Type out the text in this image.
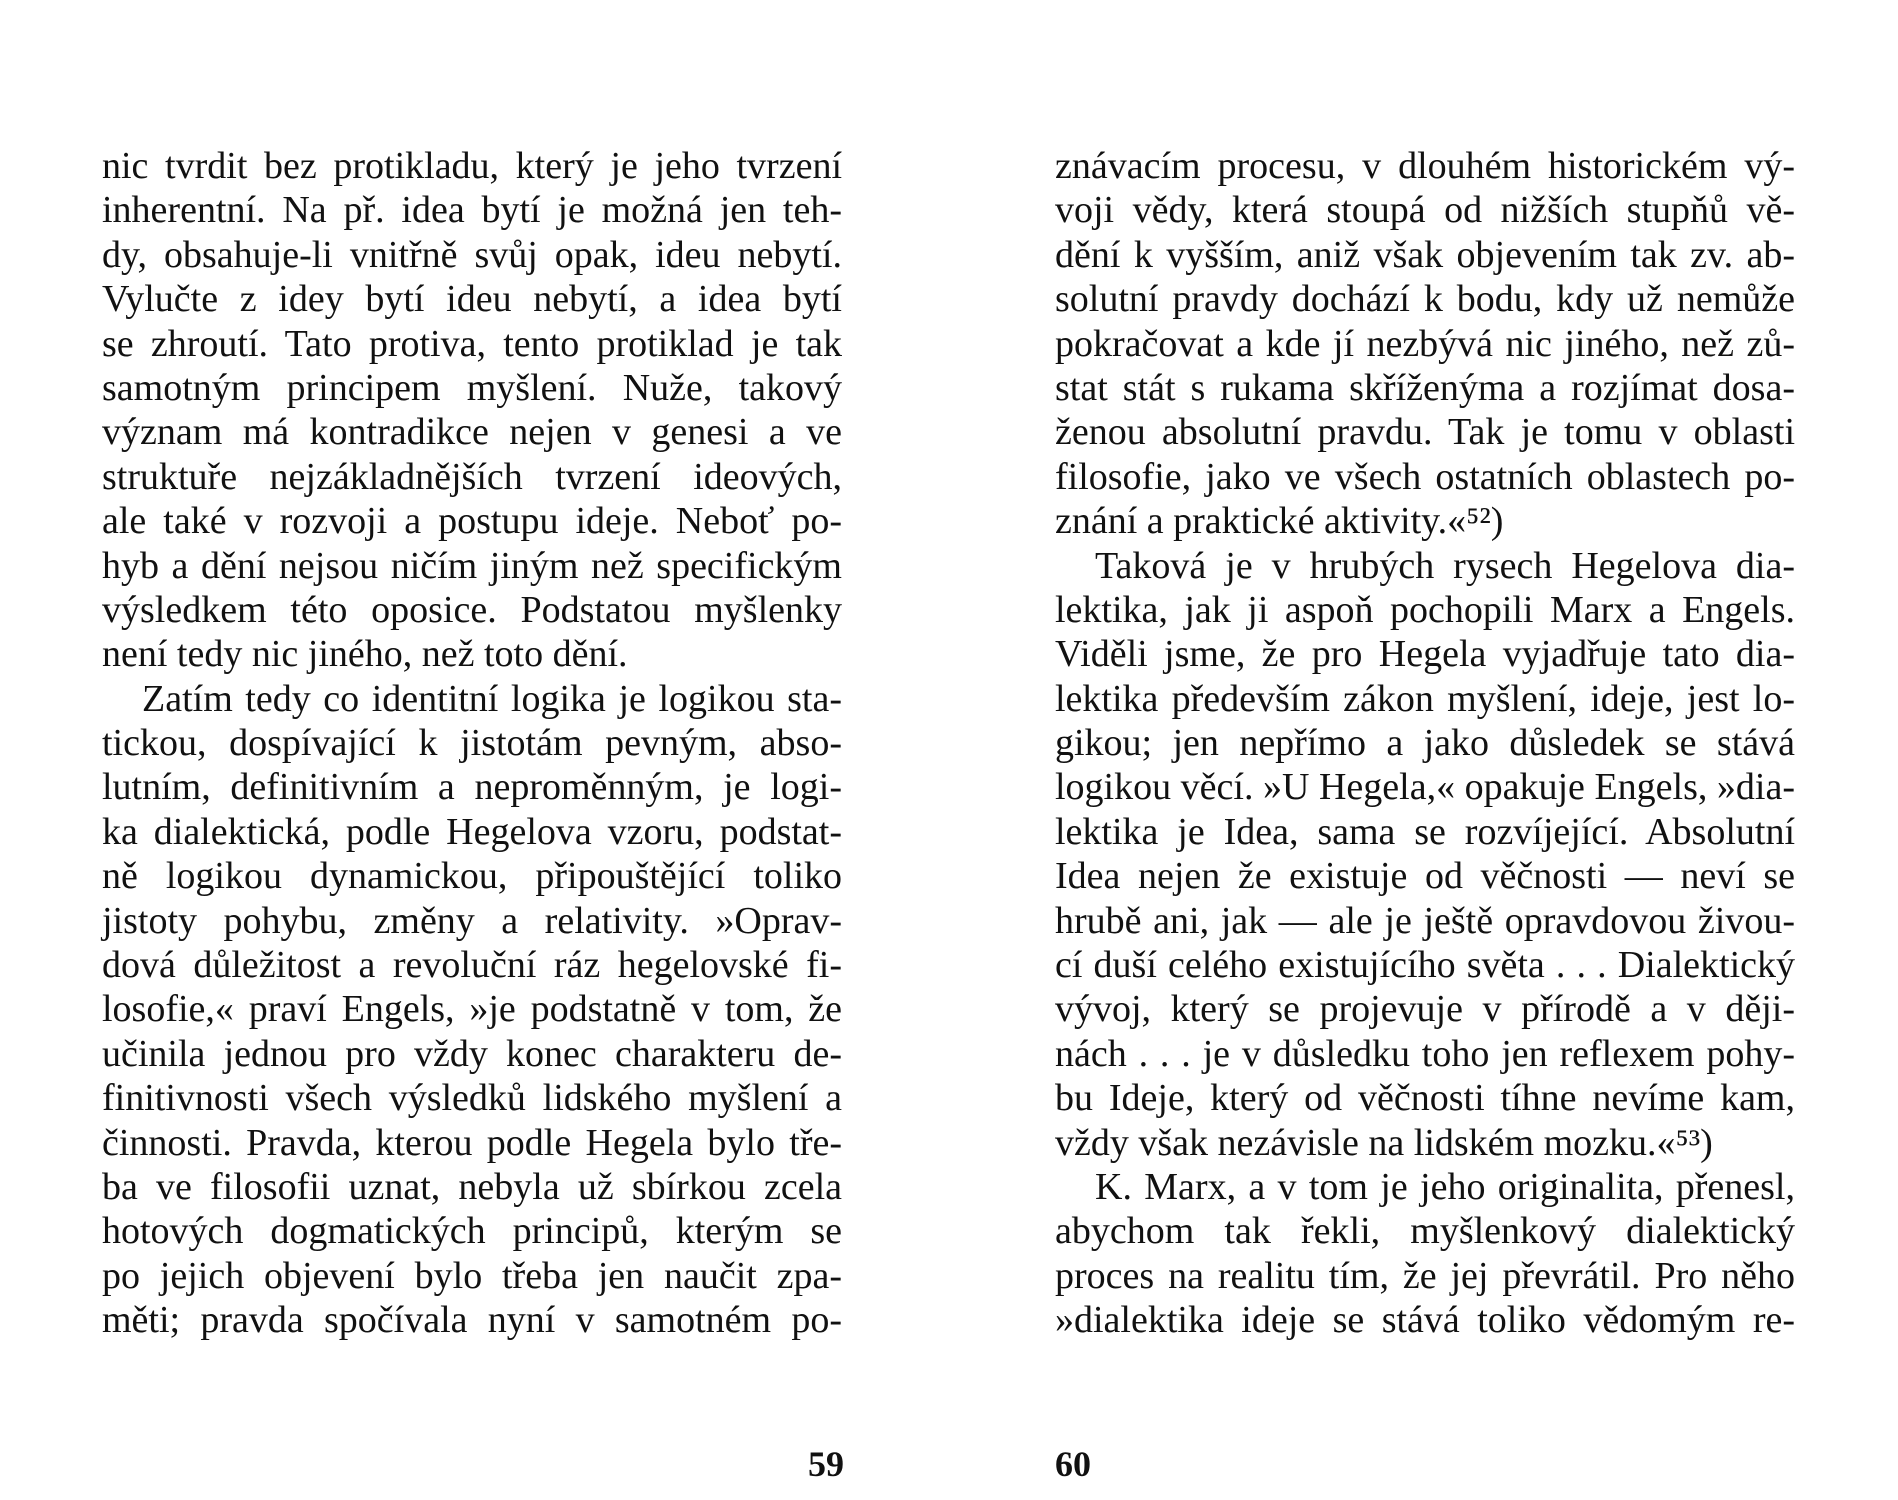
nic tvrdit bez protikladu, který je jeho tvrzení
inherentní. Na př. idea bytí je možná jen teh-
dy, obsahuje-li vnitřně svůj opak, ideu nebytí.
Vylučte z idey bytí ideu nebytí, a idea bytí
se zhroutí. Tato protiva, tento protiklad je tak
samotným principem myšlení. Nuže, takový
význam má kontradikce nejen v genesi a ve
struktuře nejzákladnějších tvrzení ideových,
ale také v rozvoji a postupu ideje. Neboť po-
hyb a dění nejsou ničím jiným než specifickým
výsledkem této oposice. Podstatou myšlenky
není tedy nic jiného, než toto dění.
Zatím tedy co identitní logika je logikou sta-
tickou, dospívající k jistotám pevným, abso-
lutním, definitivním a neproměnným, je logi-
ka dialektická, podle Hegelova vzoru, podstat-
ně logikou dynamickou, připouštějící toliko
jistoty pohybu, změny a relativity. »Oprav-
dová důležitost a revoluční ráz hegelovské fi-
losofie,« praví Engels, »je podstatně v tom, že
učinila jednou pro vždy konec charakteru de-
finitivnosti všech výsledků lidského myšlení a
činnosti. Pravda, kterou podle Hegela bylo tře-
ba ve filosofii uznat, nebyla už sbírkou zcela
hotových dogmatických principů, kterým se
po jejich objevení bylo třeba jen naučit zpa-
měti; pravda spočívala nyní v samotném po-
znávacím procesu, v dlouhém historickém vý-
voji vědy, která stoupá od nižších stupňů vě-
dění k vyšším, aniž však objevením tak zv. ab-
solutní pravdy dochází k bodu, kdy už nemůže
pokračovat a kde jí nezbývá nic jiného, než zů-
stat stát s rukama skříženýma a rozjímat dosa-
ženou absolutní pravdu. Tak je tomu v oblasti
filosofie, jako ve všech ostatních oblastech po-
znání a praktické aktivity.«⁵²)
Taková je v hrubých rysech Hegelova dia-
lektika, jak ji aspoň pochopili Marx a Engels.
Viděli jsme, že pro Hegela vyjadřuje tato dia-
lektika především zákon myšlení, ideje, jest lo-
gikou; jen nepřímo a jako důsledek se stává
logikou věcí. »U Hegela,« opakuje Engels, »dia-
lektika je Idea, sama se rozvíjející. Absolutní
Idea nejen že existuje od věčnosti — neví se
hrubě ani, jak — ale je ještě opravdovou živou-
cí duší celého existujícího světa . . . Dialektický
vývoj, který se projevuje v přírodě a v ději-
nách . . . je v důsledku toho jen reflexem pohy-
bu Ideje, který od věčnosti tíhne nevíme kam,
vždy však nezávisle na lidském mozku.«⁵³)
K. Marx, a v tom je jeho originalita, přenesl,
abychom tak řekli, myšlenkový dialektický
proces na realitu tím, že jej převrátil. Pro něho
»dialektika ideje se stává toliko vědomým re-
59	60
